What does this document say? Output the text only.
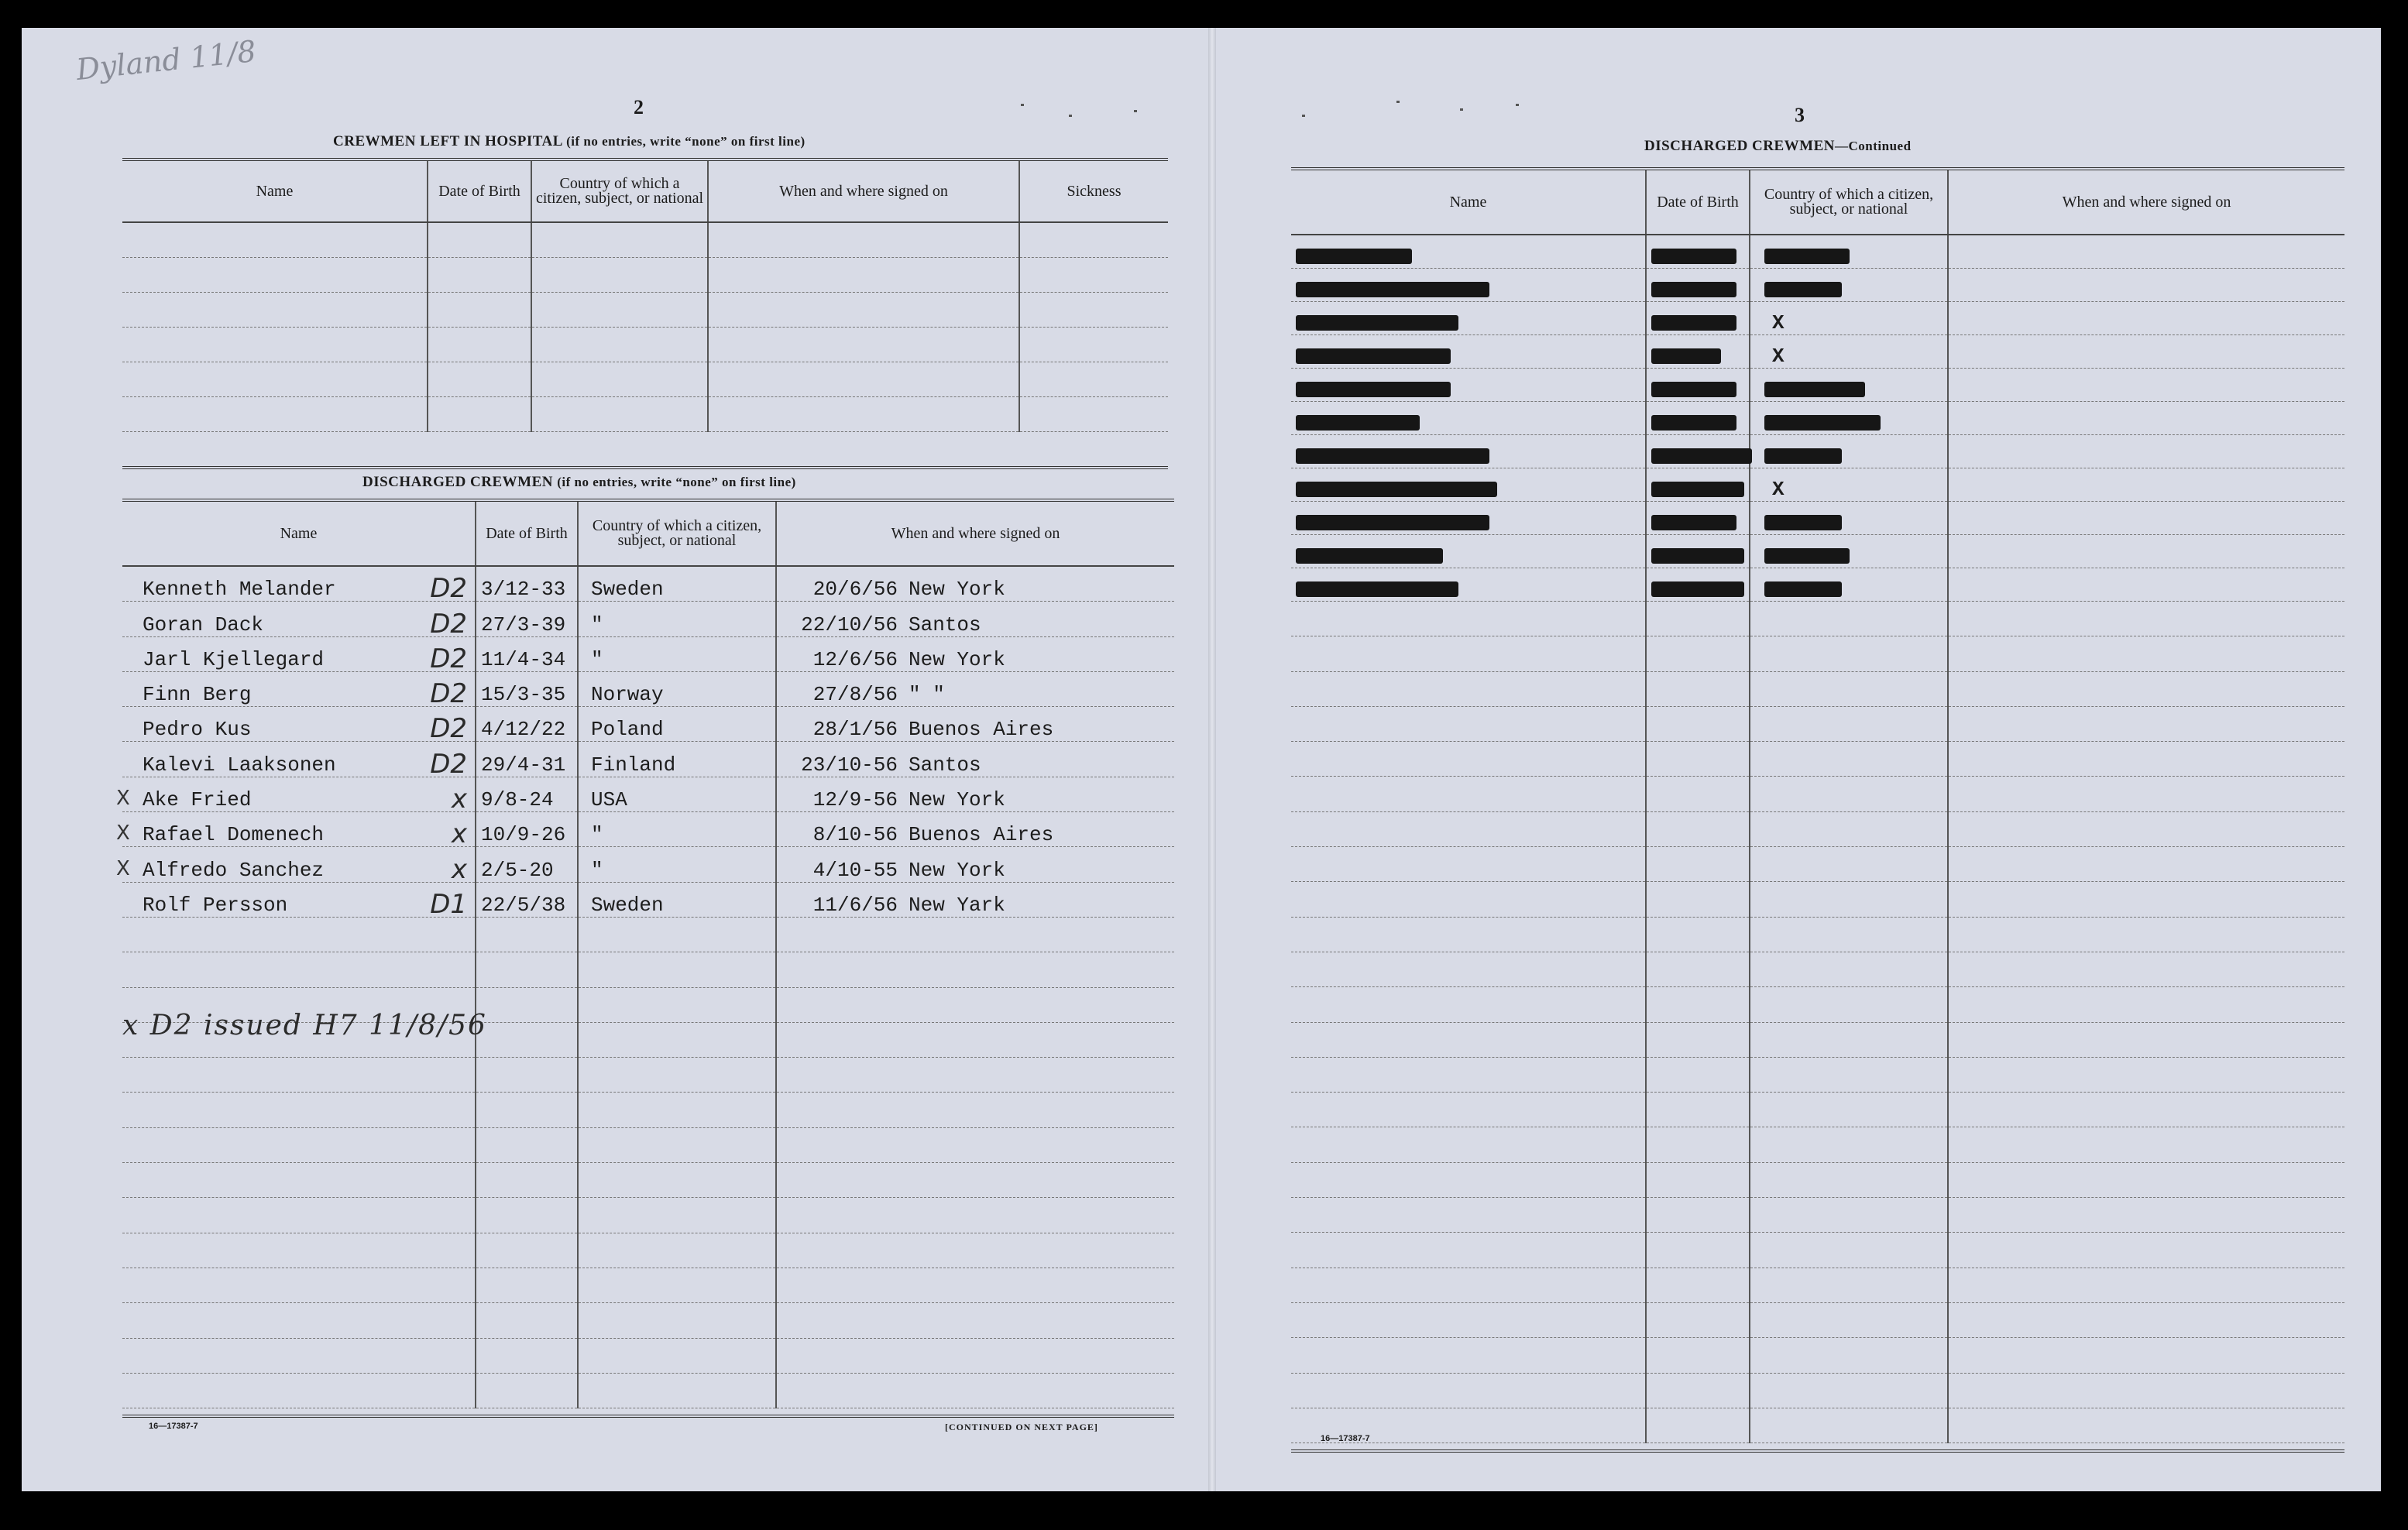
Dyland 11/8
2
CREWMEN LEFT IN HOSPITAL (if no entries, write “none” on first line)
Name	Date of Birth	Country of which a citizen, subject, or national	When and where signed on	Sickness

DISCHARGED CREWMEN (if no entries, write “none” on first line)
Name	Date of Birth	Country of which a citizen, subject, or national	When and where signed on

Kenneth Melander D2	3/12-33	Sweden	20/6/56 New York

Goran Dack D2	27/3-39	"	22/10/56 Santos

Jarl Kjellegard D2	11/4-34	"	12/6/56 New York

Finn Berg D2	15/3-35	Norway	27/8/56 " "

Pedro Kus D2	4/12/22	Poland	28/1/56 Buenos Aires

Kalevi Laaksonen D2	29/4-31	Finland	23/10-56 Santos

X Ake Fried x	9/8-24	USA	12/9-56 New York

X Rafael Domenech x	10/9-26	"	8/10-56 Buenos Aires

X Alfredo Sanchez x	2/5-20	"	4/10-55 New York

Rolf Persson D1	22/5/38	Sweden	11/6/56 New Yark

x D2 issued H7 11/8/56
16—17387-7	[CONTINUED ON NEXT PAGE]
3
DISCHARGED CREWMEN—Continued
Name	Date of Birth	Country of which a citizen, subject, or national	When and where signed on

		X	
		X	

		X	

16—17387-7
